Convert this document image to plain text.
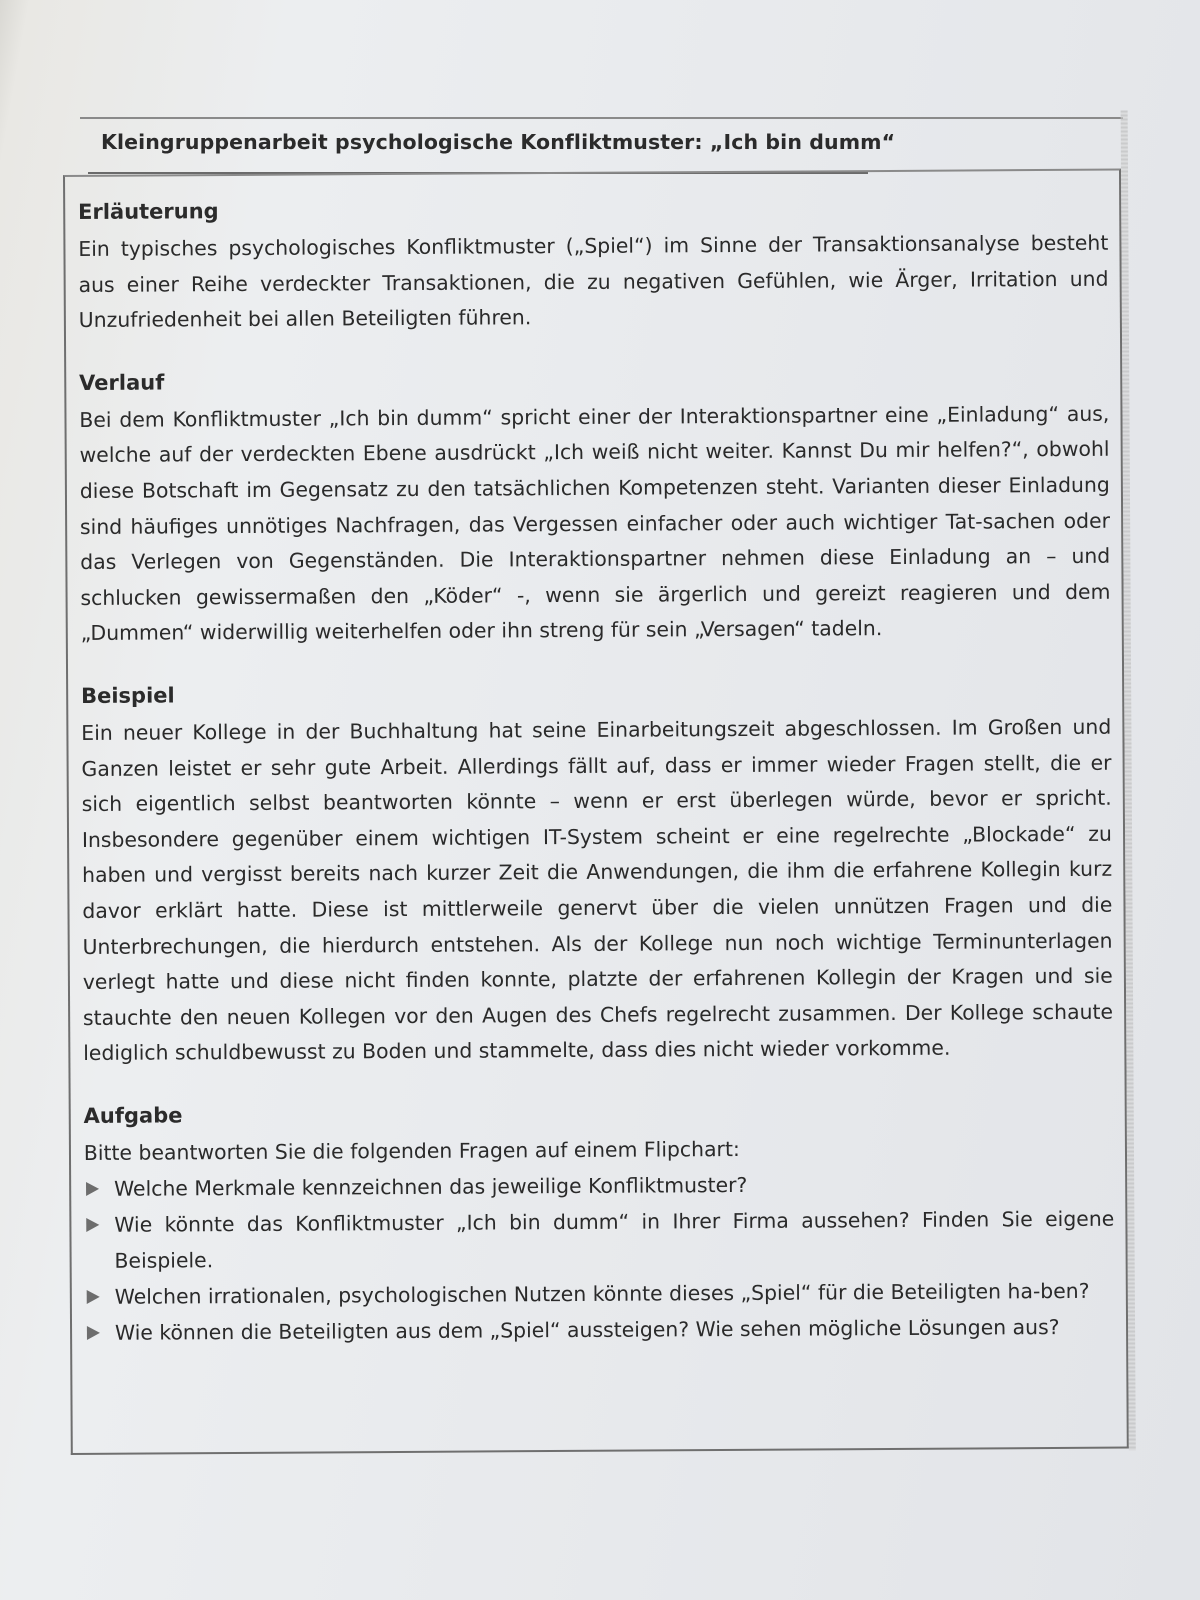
Kleingruppenarbeit psychologische Konfliktmuster: „Ich bin dumm“
Erläuterung

Ein typisches psychologisches Konfliktmuster („Spiel“) im Sinne der Transaktionsanalyse besteht aus einer Reihe verdeckter Transaktionen, die zu negativen Gefühlen, wie Ärger, Irritation und Unzufriedenheit bei allen Beteiligten führen.

Verlauf

Bei dem Konfliktmuster „Ich bin dumm“ spricht einer der Interaktionspartner eine „Einladung“ aus, welche auf der verdeckten Ebene ausdrückt „Ich weiß nicht weiter. Kannst Du mir helfen?“, obwohl diese Botschaft im Gegensatz zu den tatsächlichen Kompetenzen steht. Varianten dieser Einladung sind häufiges unnötiges Nachfragen, das Vergessen einfacher oder auch wichtiger Tat-sachen oder das Verlegen von Gegenständen. Die Interaktionspartner nehmen diese Einladung an – und schlucken gewissermaßen den „Köder“ -, wenn sie ärgerlich und gereizt reagieren und dem „Dummen“ widerwillig weiterhelfen oder ihn streng für sein „Versagen“ tadeln.

Beispiel

Ein neuer Kollege in der Buchhaltung hat seine Einarbeitungszeit abgeschlossen. Im Großen und Ganzen leistet er sehr gute Arbeit. Allerdings fällt auf, dass er immer wieder Fragen stellt, die er sich eigentlich selbst beantworten könnte – wenn er erst überlegen würde, bevor er spricht. Insbesondere gegenüber einem wichtigen IT-System scheint er eine regelrechte „Blockade“ zu haben und vergisst bereits nach kurzer Zeit die Anwendungen, die ihm die erfahrene Kollegin kurz davor erklärt hatte. Diese ist mittlerweile genervt über die vielen unnützen Fragen und die Unterbrechungen, die hierdurch entstehen. Als der Kollege nun noch wichtige Terminunterlagen verlegt hatte und diese nicht finden konnte, platzte der erfahrenen Kollegin der Kragen und sie stauchte den neuen Kollegen vor den Augen des Chefs regelrecht zusammen. Der Kollege schaute lediglich schuldbewusst zu Boden und stammelte, dass dies nicht wieder vorkomme.

Aufgabe

Bitte beantworten Sie die folgenden Fragen auf einem Flipchart:

Welche Merkmale kennzeichnen das jeweilige Konfliktmuster?
Wie könnte das Konfliktmuster „Ich bin dumm“ in Ihrer Firma aussehen? Finden Sie eigene Beispiele.
Welchen irrationalen, psychologischen Nutzen könnte dieses „Spiel“ für die Beteiligten ha-ben?
Wie können die Beteiligten aus dem „Spiel“ aussteigen? Wie sehen mögliche Lösungen aus?
